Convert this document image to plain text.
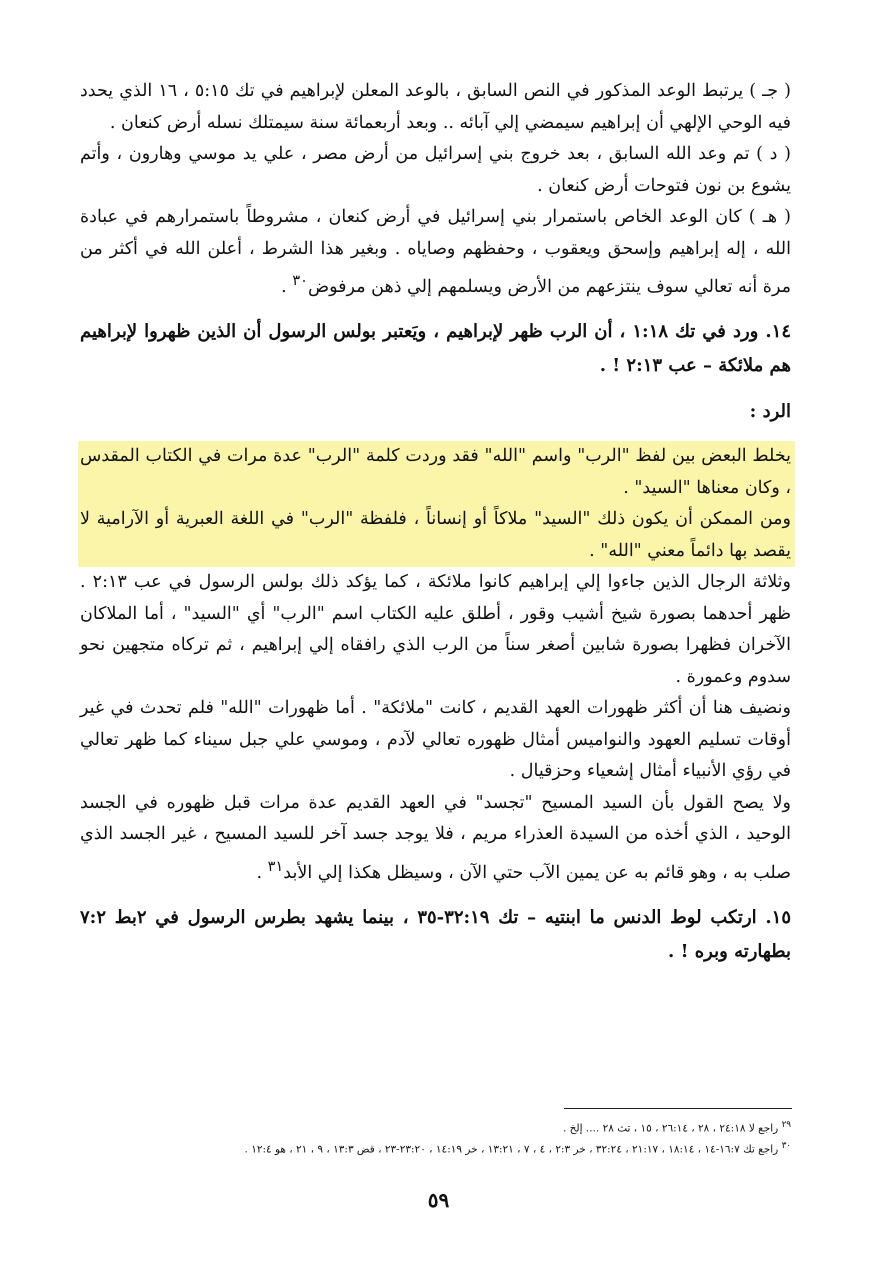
( جـ ) يرتبط الوعد المذكور في النص السابق ، بالوعد المعلن لإبراهيم في تك ٥:١٥ ، ١٦ الذي يحدد فيه الوحي الإلهي أن إبراهيم سيمضي إلي آبائه .. وبعد أربعمائة سنة سيمتلك نسله أرض كنعان .

( د ) تم وعد الله السابق ، بعد خروج بني إسرائيل من أرض مصر ، علي يد موسي وهارون ، وأتم يشوع بن نون فتوحات أرض كنعان .

( هـ ) كان الوعد الخاص باستمرار بني إسرائيل في أرض كنعان ، مشروطاً باستمرارهم في عبادة الله ، إله إبراهيم وإسحق ويعقوب ، وحفظهم وصاياه . وبغير هذا الشرط ، أعلن الله في أكثر من مرة أنه تعالي سوف ينتزعهم من الأرض ويسلمهم إلي ذهن مرفوض$^{٣٠}$ .

١٤. ورد في تك ١:١٨ ، أن الرب ظهر لإبراهيم ، ويَعتبر بولس الرسول أن الذين ظهروا لإبراهيم هم ملائكة – عب ٢:١٣ ! .

الرد :

يخلط البعض بين لفظ "الرب" واسم "الله" فقد وردت كلمة "الرب" عدة مرات في الكتاب المقدس ، وكان معناها "السيد" .

ومن الممكن أن يكون ذلك "السيد" ملاكاً أو إنساناً ، فلفظة "الرب" في اللغة العبرية أو الآرامية لا يقصد بها دائماً معني "الله" .

وثلاثة الرجال الذين جاءوا إلي إبراهيم كانوا ملائكة ، كما يؤكد ذلك بولس الرسول في عب ٢:١٣ . ظهر أحدهما بصورة شيخ أشيب وقور ، أطلق عليه الكتاب اسم "الرب" أي "السيد" ، أما الملاكان الآخران فظهرا بصورة شابين أصغر سناً من الرب الذي رافقاه إلي إبراهيم ، ثم تركاه متجهين نحو سدوم وعمورة .

ونضيف هنا أن أكثر ظهورات العهد القديم ، كانت "ملائكة" . أما ظهورات "الله" فلم تحدث في غير أوقات تسليم العهود والنواميس أمثال ظهوره تعالي لآدم ، وموسي علي جبل سيناء كما ظهر تعالي في رؤي الأنبياء أمثال إشعياء وحزقيال .

ولا يصح القول بأن السيد المسيح "تجسد" في العهد القديم عدة مرات قبل ظهوره في الجسد الوحيد ، الذي أخذه من السيدة العذراء مريم ، فلا يوجد جسد آخر للسيد المسيح ، غير الجسد الذي صلب به ، وهو قائم به عن يمين الآب حتي الآن ، وسيظل هكذا إلي الأبد$^{٣١}$ .

١٥. ارتكب لوط الدنس ما ابنتيه – تك ٣٢:١٩-٣٥ ، بينما يشهد بطرس الرسول في ٢بط ٧:٢ بطهارته وبره ! .

$^{٢٩}$ راجع لا ٢٤:١٨ ، ٢٨ ، ٢٦:١٤ ، ١٥ ، تث ٢٨ .... إلخ .

$^{٣٠}$ راجع تك ١٦:٧-١٤ ، ١٨:١٤ ، ٢١:١٧ ، ٣٢:٢٤ ، خر ٢:٣ ، ٤ ، ٧ ، ١٣:٢١ ، خر ١٤:١٩ ، ٢٣:٢٠-٢٣ ، قض ١٣:٣ ، ٩ ، ٢١ ، هو ١٢:٤ .

٥٩
